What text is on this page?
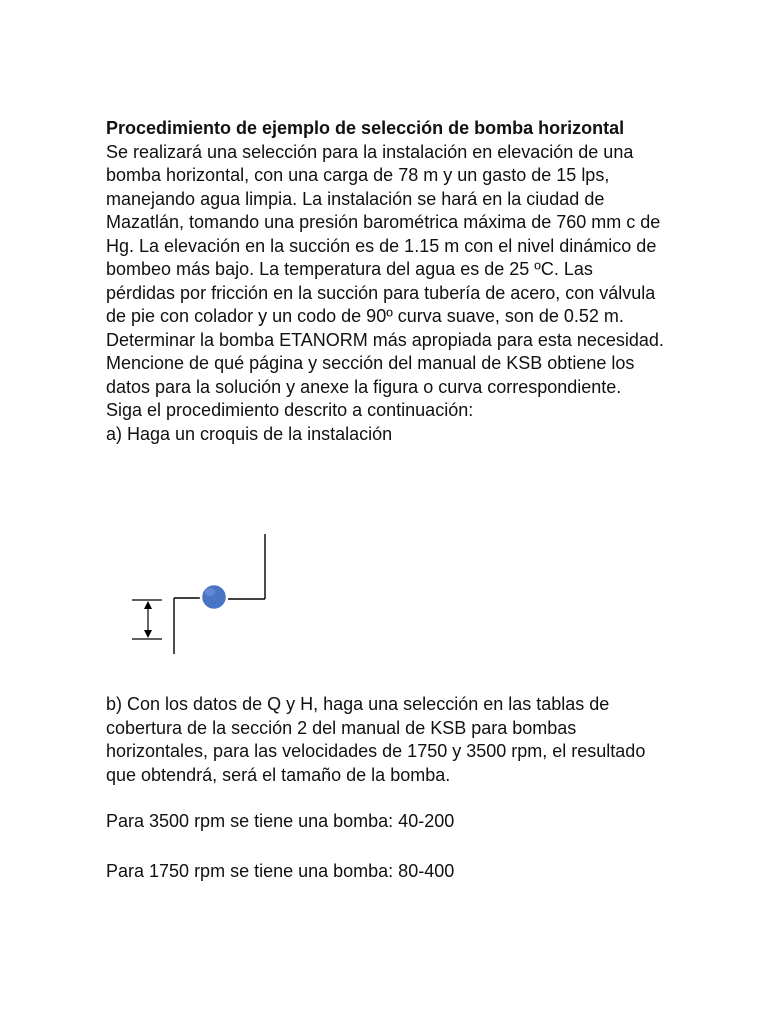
Procedimiento de ejemplo de selección de bomba horizontal

Se realizará una selección para la instalación en elevación de una bomba horizontal, con una carga de 78 m y un gasto de 15 lps, manejando agua limpia. La instalación se hará en la ciudad de Mazatlán, tomando una presión barométrica máxima de 760 mm c de Hg. La elevación en la succión es de 1.15 m con el nivel dinámico de bombeo más bajo. La temperatura del agua es de 25 ºC. Las pérdidas por fricción en la succión para tubería de acero, con válvula de pie con colador y un codo de 90º curva suave, son de 0.52 m. Determinar la bomba ETANORM más apropiada para esta necesidad. Mencione de qué página y sección del manual de KSB obtiene los datos para la solución y anexe la figura o curva correspondiente.

Siga el procedimiento descrito a continuación:

a) Haga un croquis de la instalación

b) Con los datos de Q y H, haga una selección en las tablas de cobertura de la sección 2 del manual de KSB para bombas horizontales, para las velocidades de 1750 y 3500 rpm, el resultado que obtendrá, será el tamaño de la bomba.

Para 3500 rpm se tiene una bomba: 40-200

Para 1750 rpm se tiene una bomba: 80-400
